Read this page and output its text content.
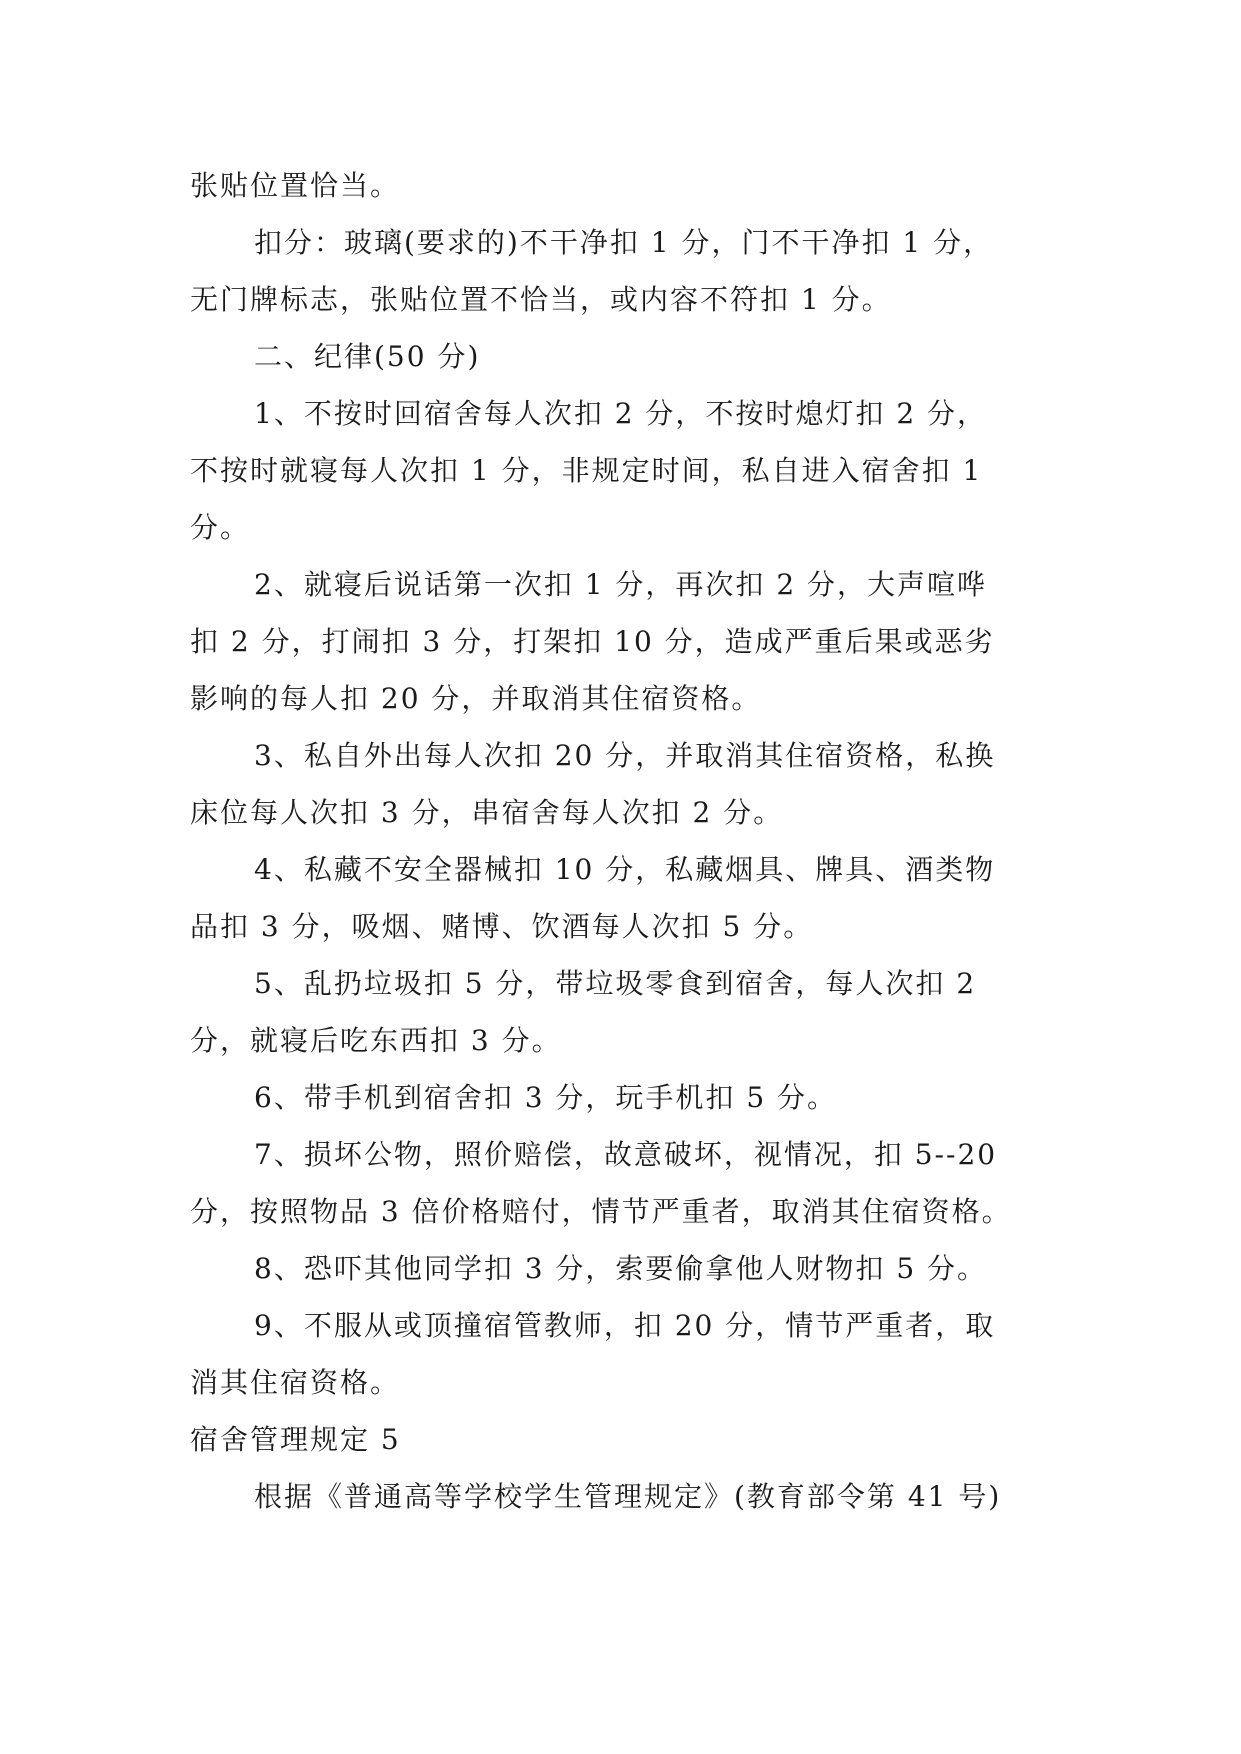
张贴位置恰当。
扣分：玻璃(要求的)不干净扣 1 分，门不干净扣 1 分，
无门牌标志，张贴位置不恰当，或内容不符扣 1 分。
二、纪律(50 分)
1、不按时回宿舍每人次扣 2 分，不按时熄灯扣 2 分，
不按时就寝每人次扣 1 分，非规定时间，私自进入宿舍扣 1
分。
2、就寝后说话第一次扣 1 分，再次扣 2 分，大声喧哗
扣 2 分，打闹扣 3 分，打架扣 10 分，造成严重后果或恶劣
影响的每人扣 20 分，并取消其住宿资格。
3、私自外出每人次扣 20 分，并取消其住宿资格，私换
床位每人次扣 3 分，串宿舍每人次扣 2 分。
4、私藏不安全器械扣 10 分，私藏烟具、牌具、酒类物
品扣 3 分，吸烟、赌博、饮酒每人次扣 5 分。
5、乱扔垃圾扣 5 分，带垃圾零食到宿舍，每人次扣 2
分，就寝后吃东西扣 3 分。
6、带手机到宿舍扣 3 分，玩手机扣 5 分。
7、损坏公物，照价赔偿，故意破坏，视情况，扣 5--20
分，按照物品 3 倍价格赔付，情节严重者，取消其住宿资格。
8、恐吓其他同学扣 3 分，索要偷拿他人财物扣 5 分。
9、不服从或顶撞宿管教师，扣 20 分，情节严重者，取
消其住宿资格。
宿舍管理规定 5
根据《普通高等学校学生管理规定》(教育部令第 41 号)
